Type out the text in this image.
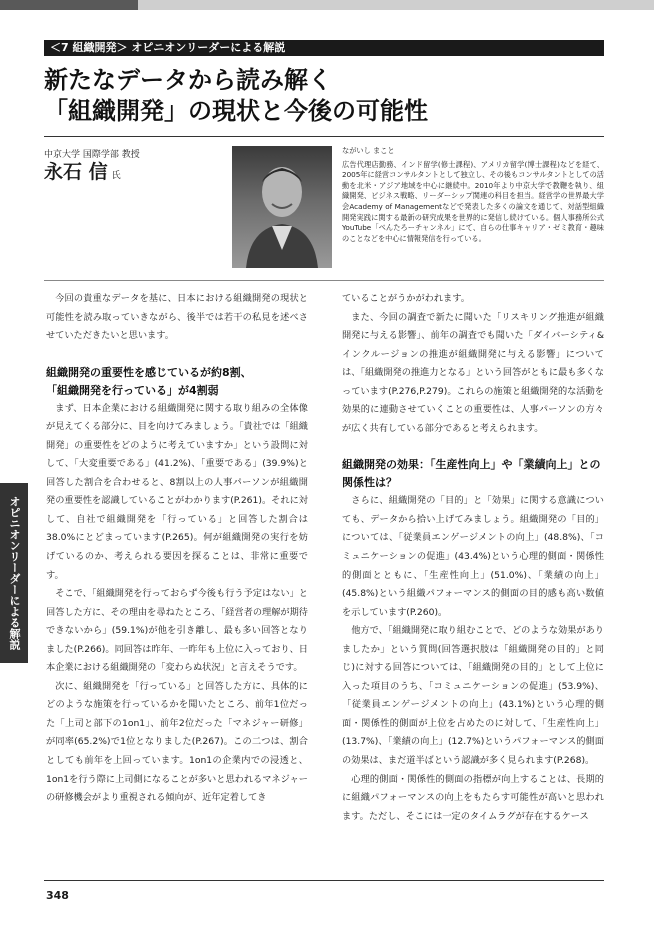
＜7 組織開発＞ オピニオンリーダーによる解説
新たなデータから読み解く
「組織開発」の現状と今後の可能性
中京大学 国際学部 教授
永石 信 氏
ながいし まこと
広告代理店勤務、インド留学(修士課程)、アメリカ留学(博士課程)などを経て、2005年に経営コンサルタントとして独立し、その後もコンサルタントとしての活動を北米・アジア地域を中心に継続中。2010年より中京大学で教鞭を執り、組織開発、ビジネス戦略、リーダーシップ関連の科目を担当。経営学の世界最大学会Academy of Managementなどで発表した多くの論文を通じて、対話型組織開発実践に関する最新の研究成果を世界的に発信し続けている。個人事務所公式YouTube「べんたろーチャンネル」にて、自らの仕事キャリア・ゼミ教育・趣味のことなどを中心に情報発信を行っている。
オピニオンリーダーによる解説

今回の貴重なデータを基に、日本における組織開発の現状と可能性を読み取っていきながら、後半では若干の私見を述べさせていただきたいと思います。

組織開発の重要性を感じているが約8割、
「組織開発を行っている」が4割弱

まず、日本企業における組織開発に関する取り組みの全体像が見えてくる部分に、目を向けてみましょう。「貴社では「組織開発」の重要性をどのように考えていますか」という設問に対して、「大変重要である」(41.2%)、「重要である」(39.9%)と回答した割合を合わせると、8割以上の人事パーソンが組織開発の重要性を認識していることがわかります(P.261)。それに対して、自社で組織開発を「行っている」と回答した割合は38.0%にとどまっています(P.265)。何が組織開発の実行を妨げているのか、考えられる要因を探ることは、非常に重要です。

そこで、「組織開発を行っておらず今後も行う予定はない」と回答した方に、その理由を尋ねたところ、「経営者の理解が期待できないから」(59.1%)が他を引き離し、最も多い回答となりました(P.266)。同回答は昨年、一昨年も上位に入っており、日本企業における組織開発の「変わらぬ状況」と言えそうです。

次に、組織開発を「行っている」と回答した方に、具体的にどのような施策を行っているかを聞いたところ、前年1位だった「上司と部下の1on1」、前年2位だった「マネジャー研修」が同率(65.2%)で1位となりました(P.267)。この二つは、割合としても前年を上回っています。1on1の企業内での浸透と、1on1を行う際に上司側になることが多いと思われるマネジャーの研修機会がより重視される傾向が、近年定着してき

ていることがうかがわれます。

また、今回の調査で新たに聞いた「リスキリング推進が組織開発に与える影響」、前年の調査でも聞いた「ダイバーシティ&インクルージョンの推進が組織開発に与える影響」については、「組織開発の推進力となる」という回答がともに最も多くなっています(P.276,P.279)。これらの施策と組織開発的な活動を効果的に連動させていくことの重要性は、人事パーソンの方々が広く共有している部分であると考えられます。

組織開発の効果：「生産性向上」や「業績向上」との
関係性は？

さらに、組織開発の「目的」と「効果」に関する意識についても、データから拾い上げてみましょう。組織開発の「目的」については、「従業員エンゲージメントの向上」(48.8%)、「コミュニケーションの促進」(43.4%)という心理的側面・関係性的側面とともに、「生産性向上」(51.0%)、「業績の向上」(45.8%)という組織パフォーマンス的側面の目的感も高い数値を示しています(P.260)。

他方で、「組織開発に取り組むことで、どのような効果がありましたか」という質問(回答選択肢は「組織開発の目的」と同じ)に対する回答については、「組織開発の目的」として上位に入った項目のうち、「コミュニケーションの促進」(53.9%)、「従業員エンゲージメントの向上」(43.1%)という心理的側面・関係性的側面が上位を占めたのに対して、「生産性向上」(13.7%)、「業績の向上」(12.7%)というパフォーマンス的側面の効果は、まだ道半ばという認識が多く見られます(P.268)。

心理的側面・関係性的側面の指標が向上することは、長期的に組織パフォーマンスの向上をもたらす可能性が高いと思われます。ただし、そこには一定のタイムラグが存在するケース

348
